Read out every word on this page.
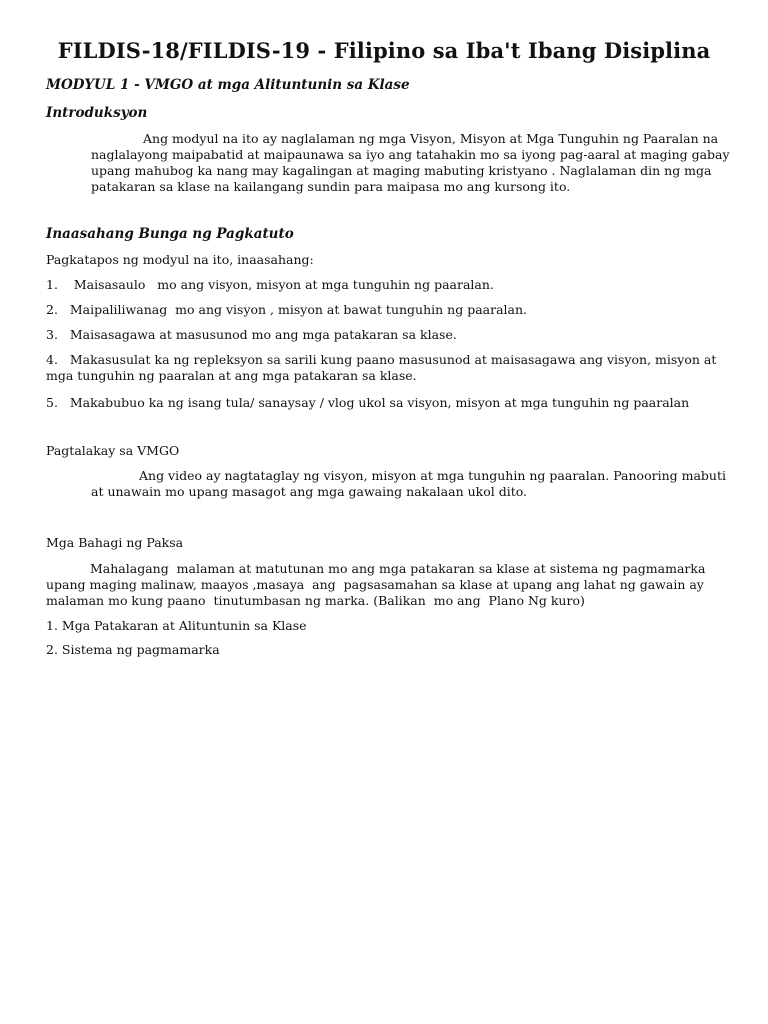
FILDIS-18/FILDIS-19 - Filipino sa Iba't Ibang Disiplina
MODYUL 1 - VMGO at mga Alituntunin sa Klase
Introduksyon
Ang modyul na ito ay naglalaman ng mga Visyon, Misyon at Mga Tunguhin ng Paaralan na naglalayong maipabatid at maipaunawa sa iyo ang tatahakin mo sa iyong pag-aaral at maging gabay upang mahubog ka nang may kagalingan at maging mabuting kristyano . Naglalaman din ng mga patakaran sa klase na kailangang sundin para maipasa mo ang kursong ito.
Inaasahang Bunga ng Pagkatuto
Pagkatapos ng modyul na ito, inaasahang:
1.    Maisasaulo   mo ang visyon, misyon at mga tunguhin ng paaralan.
2.   Maipaliliwanag  mo ang visyon , misyon at bawat tunguhin ng paaralan.
3.   Maisasagawa at masusunod mo ang mga patakaran sa klase.
4.   Makasusulat ka ng repleksyon sa sarili kung paano masusunod at maisasagawa ang visyon, misyon at mga tunguhin ng paaralan at ang mga patakaran sa klase.
5.   Makabubuo ka ng isang tula/ sanaysay / vlog ukol sa visyon, misyon at mga tunguhin ng paaralan
Pagtalakay sa VMGO
Ang video ay nagtataglay ng visyon, misyon at mga tunguhin ng paaralan. Panooring mabuti at unawain mo upang masagot ang mga gawaing nakalaan ukol dito.
Mga Bahagi ng Paksa
Mahalagang  malaman at matutunan mo ang mga patakaran sa klase at sistema ng pagmamarka upang maging malinaw, maayos ,masaya  ang  pagsasamahan sa klase at upang ang lahat ng gawain ay malaman mo kung paano  tinutumbasan ng marka. (Balikan  mo ang  Plano Ng kuro)
1. Mga Patakaran at Alituntunin sa Klase
2. Sistema ng pagmamarka
